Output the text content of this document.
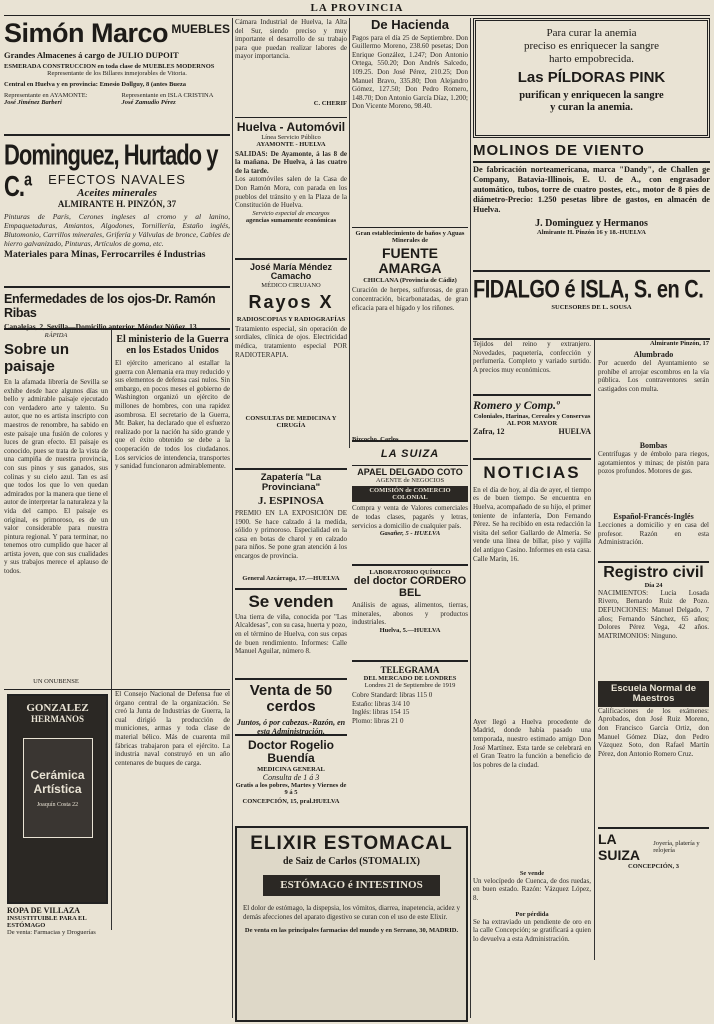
LA PROVINCIA
Simón Marco MUEBLES
Grandes Almacenes á cargo de JULIO DUPOIT
ESMERADA CONSTRUCCION en toda clase de MUEBLES MODERNOS
Representante de los Billares inmejorables de Vitoria.
Central en Huelva y en provincia: Emesio Dollguy, 8 (antes Bueza
Representante en AYAMONTE:
José Jiménez Barberi
Representante en ISLA CRISTINA
José Zamudio Pérez
Dominguez, Hurtado y C.ª	EFECTOS NAVALES
Aceites minerales
ALMIRANTE H. PINZÓN, 37
Pinturas de París, Cerones ingleses al cromo y al lanino, Empaquetaduras, Amiantos, Algodones, Tornillería, Estaño inglés, Blutomonio, Carrillos minerales, Grifería y Válvulas de bronce, Cables de hierro galvanizado, Pinturas, Artículos de goma, etc.
Materiales para Minas, Ferrocarriles é Industrias
Enfermedades de los ojos-Dr. Ramón Ribas
Canalejas, 2, Sevilla—Domicilio anterior, Méndez Núñez, 13
RÁPIDA
Sobre un paisaje
En la afamada librería de Sevilla se exhibe desde hace algunos días un bello y admirable paisaje ejecutado con verdadero arte y talento. Su autor, que no es artista inscripto con maestros de renombre, ha sabido en este paisaje una fusión de colores y luces de gran efecto. El paisaje es conocido, pues se trata de la vista de una campiña de nuestra provincia, con sus pinos y sus ganados, sus colinas y su cielo azul. Tan es así que todos los que lo ven quedan admirados por la manera que tiene el autor de interpretar la naturaleza y la vida del campo. El paisaje es original, es primoroso, es de un valor considerable para nuestra pintura regional. Y para terminar, no tenemos otro cumplido que hacer al artista joven, que con sus cualidades y sus trabajos merece el aplauso de todos.
UN ONUBENSE
El ministerio de la Guerra
en los Estados Unidos
El ejército americano al estallar la guerra con Alemania era muy reducido y sus elementos de defensa casi nulos. Sin embargo, en pocos meses el gobierno de Washington organizó un ejército de millones de hombres, con una rapidez asombrosa. El secretario de la Guerra, Mr. Baker, ha declarado que el esfuerzo realizado por la nación ha sido grande y que el éxito obtenido se debe a la cooperación de todos los ciudadanos. Los servicios de intendencia, transportes y sanidad funcionaron admirablemente.
GONZALEZ
HERMANOS
Cerámica Artística
Joaquín Costa 22
ROPA DE VILLAZA
INSUSTITUIBLE PARA EL ESTÓMAGO
De venta: Farmacias y Droguerías
El Consejo Nacional de Defensa fue el órgano central de la organización. Se creó la Junta de Industrias de Guerra, la cual dirigió la producción de municiones, armas y toda clase de material bélico. Más de cuarenta mil fábricas trabajaron para el ejército. La industria naval construyó en un año centenares de buques de carga.
Cámara Industrial de Huelva, la Alta del Sur, siendo preciso y muy importante el desarrollo de su trabajo para que puedan realizar labores de mayor importancia.
C. CHERIF
Huelva - Automóvil
Línea Servicio Público
AYAMONTE - HUELVA
SALIDAS: De Ayamonte, á las 8 de la mañana. De Huelva, á las cuatro de la tarde.
Los automóviles salen de la Casa de Don Ramón Mora, con parada en los pueblos del tránsito y en la Plaza de la Constitución de Huelva.
Servicio especial de encargos
agencias sumamente económicas
José María Méndez Camacho
MÉDICO CIRUJANO
Rayos X
RADIOSCOPIAS Y RADIOGRAFÍAS
Tratamiento especial, sin operación de sordiales, clínica de ojos. Electricidad médica, tratamiento especial POR RADIOTERAPIA.
CONSULTAS DE MEDICINA Y CIRUGÍA
Zapatería "La Provinciana"
J. ESPINOSA
PREMIO EN LA EXPOSICIÓN DE 1900. Se hace calzado á la medida, sólido y primoroso. Especialidad en la casa en botas de charol y en calzado para niños. Se pone gran atención á los encargos de provincia.
General Azcárraga, 17.—HUELVA
Se venden
Una tierra de viña, conocida por "Las Alcaldesas", con su casa, huerta y pozo, en el término de Huelva, con sus cepas de buen rendimiento. Informes: Calle Manuel Aguilar, número 8.
Venta de 50 cerdos
Juntos, ó por cabezas.-Razón, en esta Administración.
Doctor Rogelio Buendía
MEDICINA GENERAL
Consulta de 1 á 3
Gratis a los pobres, Martes y Viernes de 9 á 5
CONCEPCIÓN, 15, pral.HUELVA
De Hacienda
Pagos para el día 25 de Septiembre. Don Guillermo Moreno, 238.60 pesetas; Don Enrique González, 1.247; Don Antonio Ortega, 550.20; Don Andrés Salcedo, 109.25. Don José Pérez, 210.25; Don Manuel Bravo, 335.80; Don Alejandro Gómez, 127.50; Don Pedro Romero, 148.70; Don Antonio García Díaz, 1.200; Don Vicente Moreno, 98.40.
Gran establecimiento de baños y Aguas Minerales de
FUENTE AMARGA
CHICLANA (Provincia de Cádiz)
Curación de herpes, sulfurosas, de gran concentración, bicarbonatadas, de gran eficacia para el hígado y los riñones.
Bizcocho, Carlos
LA SUIZA
APAEL DELGADO COTO
AGENTE de NEGOCIOS
COMISIÓN de COMERCIO COLONIAL
Compra y venta de Valores comerciales de todas clases, pagarés y letras, servicios a domicilio de cualquier país.
Gasañer, 5 - HUELVA
LABORATORIO QUÍMICO
del doctor CORDERO BEL
Análisis de aguas, alimentos, tierras, minerales, abonos y productos industriales.
Huelva, 5.—HUELVA
TELEGRAMA
DEL MERCADO DE LONDRES
Londres 21 de Septiembre de 1919
Cobre Standard: libras 115 0
Estaño: libras 3/4 10
Inglés: libras 154 15
Plomo: libras 21 0
ELIXIR ESTOMACAL
de Saiz de Carlos (STOMALIX)
ESTÓMAGO é INTESTINOS
El dolor de estómago, la dispepsia, los vómitos, diarrea, inapetencia, acidez y demás afecciones del aparato digestivo se curan con el uso de este Elixir.
De venta en las principales farmacias del mundo y en Serrano, 30, MADRID.
Para curar la anemia
preciso es enriquecer la sangre
harto empobrecida.
Las PÍLDORAS PINK
purifican y enriquecen la sangre
y curan la anemia.
MOLINOS DE VIENTO
De fabricación norteamericana, marca "Dandy", de Challen ge Company, Batavia-Illinois, E. U. de A., con engrasador automático, tubos, torre de cuatro postes, etc., motor de 8 pies de diámetro-Precio: 1.250 pesetas libre de gastos, en almacén de Huelva.
J. Dominguez y Hermanos
Almirante H. Pinzón 16 y 18.-HUELVA
FIDALGO é ISLA, S. en C.
SUCESORES DE L. SOUSA
Tejidos del reino y extranjero. Novedades, paquetería, confección y perfumería. Completo y variado surtido. A precios muy económicos.
Romero y Comp.º
Coloniales, Harinas, Cereales y Conservas
AL POR MAYOR
Zafra, 12	HUELVA
NOTICIAS
En el día de hoy, al día de ayer, el tiempo es de buen tiempo. Se encuentra en Huelva, acompañado de su hijo, el primer teniente de infantería, Don Fernando Pérez. Se ha recibido en esta redacción la visita del señor Gallardo de Almería. Se vende una línea de billar, piso y vajilla del antiguo Casino. Informes en esta casa. Calle Marín, 16.
Ayer llegó a Huelva procedente de Madrid, donde había pasado una temporada, nuestro estimado amigo Don José Martínez. Esta tarde se celebrará en el Gran Teatro la función a beneficio de los pobres de la ciudad.
Se vende
Un velocípedo de Cuenca, de dos ruedas, en buen estado. Razón: Vázquez López, 8.
Por pérdida
Se ha extraviado un pendiente de oro en la calle Concepción; se gratificará a quien lo devuelva a esta Administración.
Almirante Pinzón, 17
Alumbrado
Por acuerdo del Ayuntamiento se prohíbe el arrojar escombros en la vía pública. Los contraventores serán castigados con multa.
Bombas
Centrífugas y de émbolo para riegos, agotamientos y minas; de pistón para pozos profundos. Motores de gas.
Español-Francés-Inglés
Lecciones a domicilio y en casa del profesor. Razón en esta Administración.
Registro civil
Día 24
NACIMIENTOS: Lucía Losada Rivero, Bernardo Ruiz de Pozo. DEFUNCIONES: Manuel Delgado, 7 años; Fernando Sánchez, 65 años; Dolores Pérez Vega, 42 años. MATRIMONIOS: Ninguno.
Escuela Normal de Maestros
Calificaciones de los exámenes: Aprobados, don José Ruiz Moreno, don Francisco García Ortiz, don Manuel Gómez Díaz, don Pedro Vázquez Soto, don Rafael Martín Pérez, don Antonio Romero Cruz.
LA SUIZA
Joyería, platería y relojería
CONCEPCIÓN, 3
